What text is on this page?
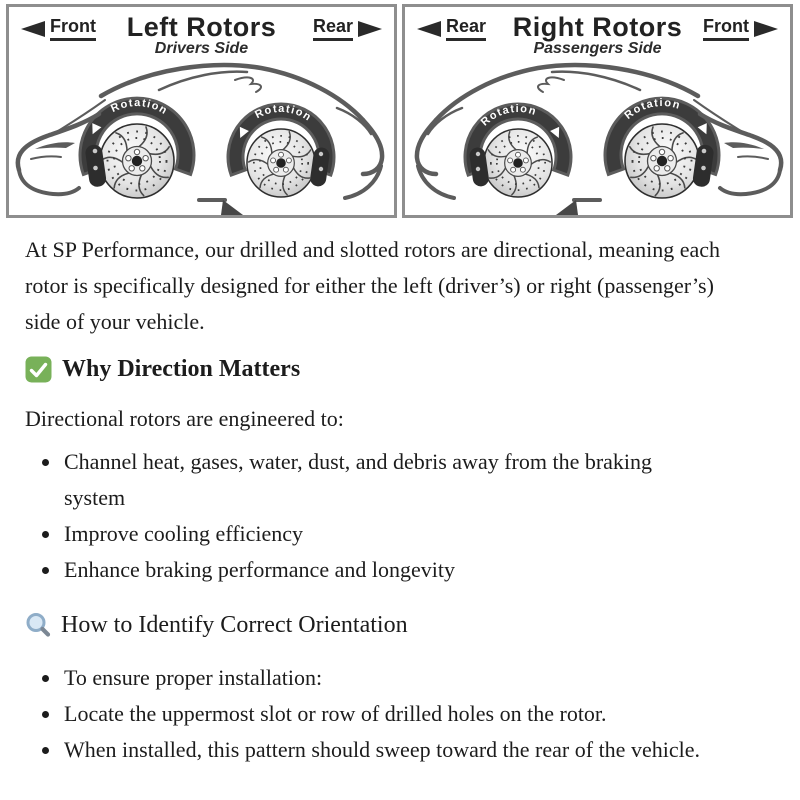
Front	Left Rotors
Drivers Side
Rear
Rotation	Rotation
Rear Right Rotors
Passengers Side
Front
Rotation	Rotation

At SP Performance, our drilled and slotted rotors are directional, meaning each rotor is specifically designed for either the left (driver’s) or right (passenger’s) side of your vehicle.

Why Direction Matters

Directional rotors are engineered to:

• Channel heat, gases, water, dust, and debris away from the braking system
• Improve cooling efficiency
• Enhance braking performance and longevity
How to Identify Correct Orientation
• To ensure proper installation:
• Locate the uppermost slot or row of drilled holes on the rotor.
• When installed, this pattern should sweep toward the rear of the vehicle.
